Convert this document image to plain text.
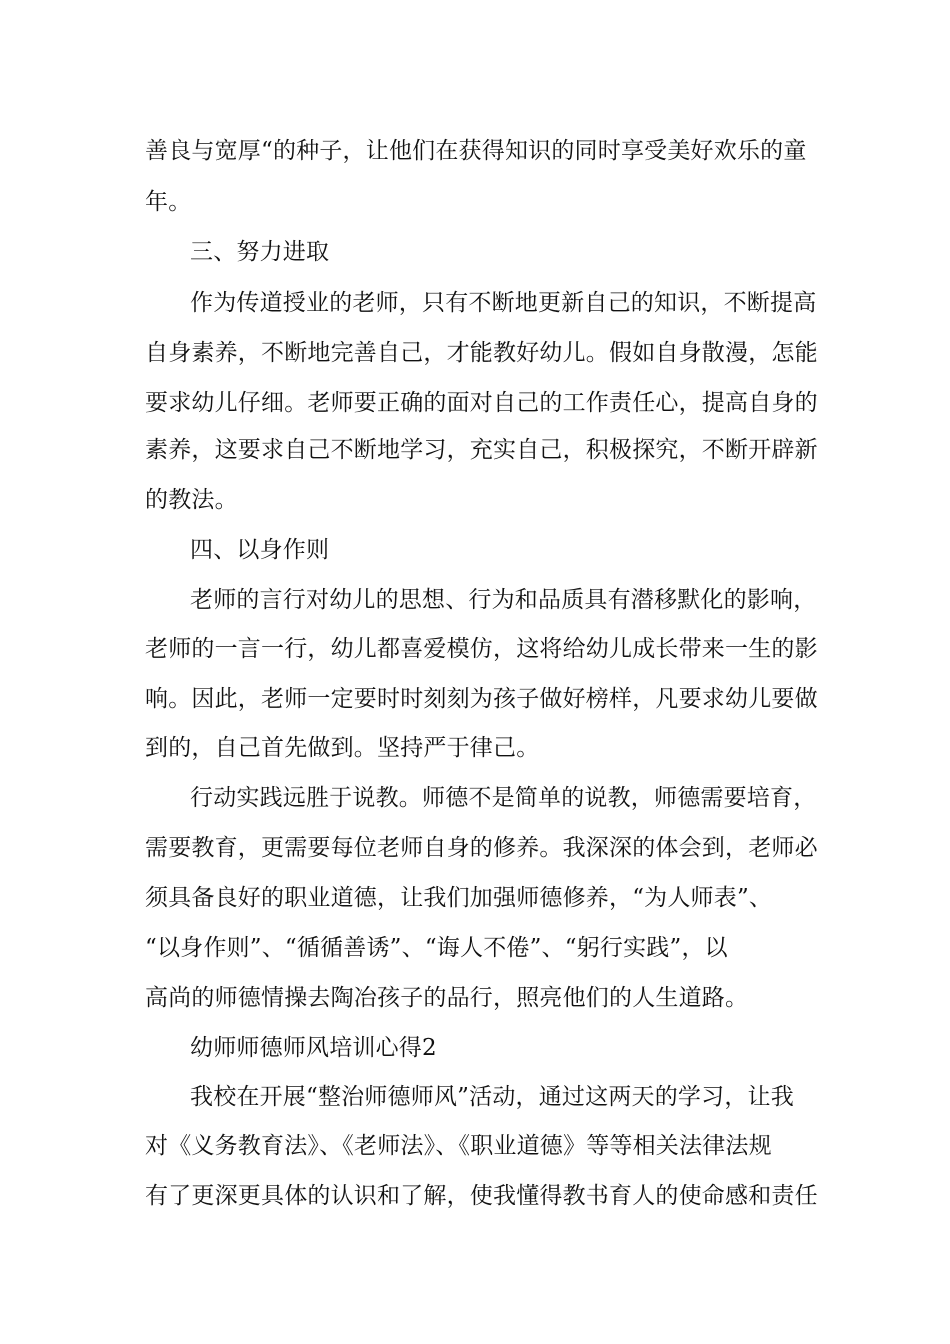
善良与宽厚“的种子，让他们在获得知识的同时享受美好欢乐的童
年。
三、努力进取
作为传道授业的老师，只有不断地更新自己的知识，不断提高
自身素养，不断地完善自己，才能教好幼儿。假如自身散漫，怎能
要求幼儿仔细。老师要正确的面对自己的工作责任心，提高自身的
素养，这要求自己不断地学习，充实自己，积极探究，不断开辟新
的教法。
四、以身作则
老师的言行对幼儿的思想、行为和品质具有潜移默化的影响，
老师的一言一行，幼儿都喜爱模仿，这将给幼儿成长带来一生的影
响。因此，老师一定要时时刻刻为孩子做好榜样，凡要求幼儿要做
到的，自己首先做到。坚持严于律己。
行动实践远胜于说教。师德不是简单的说教，师德需要培育，
需要教育，更需要每位老师自身的修养。我深深的体会到，老师必
须具备良好的职业道德，让我们加强师德修养，“为人师表”、
“以身作则”、“循循善诱”、“诲人不倦”、“躬行实践”，以
高尚的师德情操去陶冶孩子的品行，照亮他们的人生道路。
幼师师德师风培训心得2
我校在开展“整治师德师风”活动，通过这两天的学习，让我
对《义务教育法》、《老师法》、《职业道德》等等相关法律法规
有了更深更具体的认识和了解，使我懂得教书育人的使命感和责任
